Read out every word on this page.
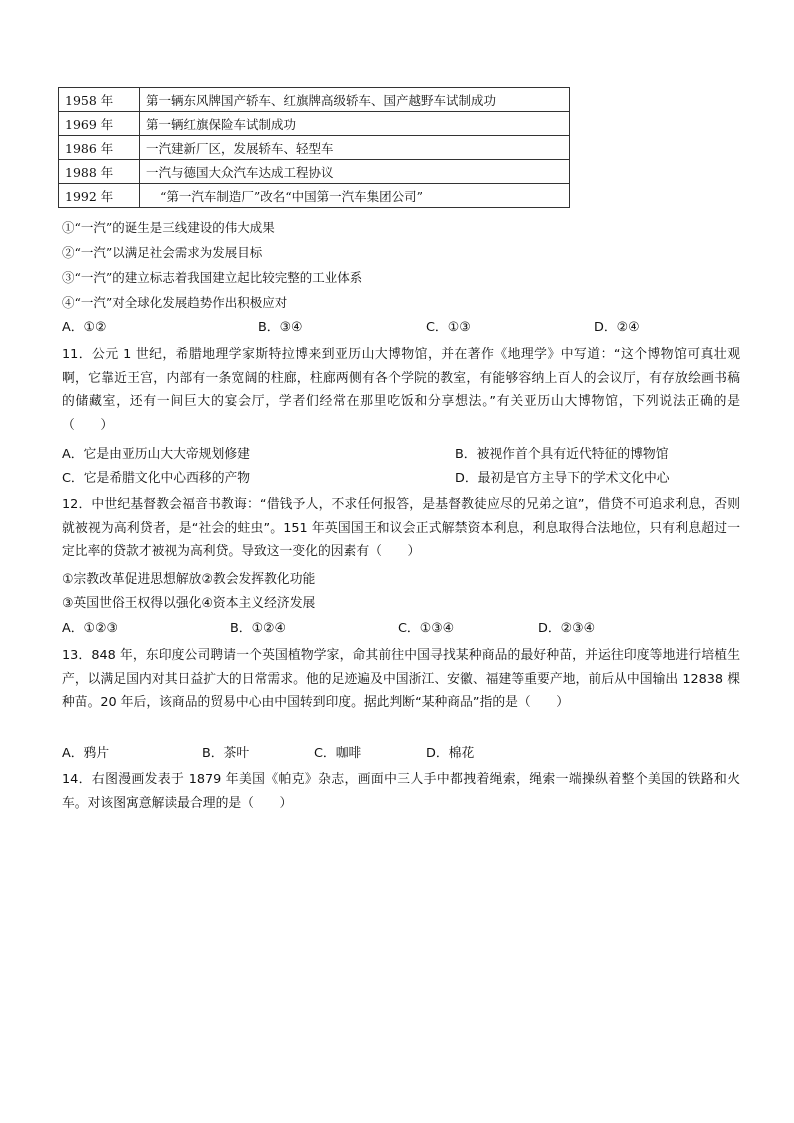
1958 年	第一辆东风牌国产轿车、红旗牌高级轿车、国产越野车试制成功
1969 年	第一辆红旗保险车试制成功
1986 年	一汽建新厂区，发展轿车、轻型车
1988 年	一汽与德国大众汽车达成工程协议
1992 年	“第一汽车制造厂”改名“中国第一汽车集团公司”
①“一汽”的诞生是三线建设的伟大成果
②“一汽”以满足社会需求为发展目标
③“一汽”的建立标志着我国建立起比较完整的工业体系
④“一汽”对全球化发展趋势作出积极应对
A．①②	B．③④	C．①③	D．②④
11．公元 1 世纪，希腊地理学家斯特拉博来到亚历山大博物馆，并在著作《地理学》中写道：“这个博物馆可真壮观啊，它靠近王宫，内部有一条宽阔的柱廊，柱廊两侧有各个学院的教室，有能够容纳上百人的会议厅，有存放绘画书稿的储藏室，还有一间巨大的宴会厅，学者们经常在那里吃饭和分享想法。”有关亚历山大博物馆，下列说法正确的是（　　）
A．它是由亚历山大大帝规划修建	B．被视作首个具有近代特征的博物馆
C．它是希腊文化中心西移的产物	D．最初是官方主导下的学术文化中心
12．中世纪基督教会福音书教诲：“借钱予人，不求任何报答，是基督教徒应尽的兄弟之谊”，借贷不可追求利息，否则就被视为高利贷者，是“社会的蛀虫”。151 年英国国王和议会正式解禁资本利息，利息取得合法地位，只有利息超过一定比率的贷款才被视为高利贷。导致这一变化的因素有（　　）
①宗教改革促进思想解放②教会发挥教化功能
③英国世俗王权得以强化④资本主义经济发展
A．①②③	B．①②④	C．①③④	D．②③④
13．848 年，东印度公司聘请一个英国植物学家，命其前往中国寻找某种商品的最好种苗，并运往印度等地进行培植生产，以满足国内对其日益扩大的日常需求。他的足迹遍及中国浙江、安徽、福建等重要产地，前后从中国输出 12838 棵种苗。20 年后，该商品的贸易中心由中国转到印度。据此判断“某种商品”指的是（　　）
A．鸦片	B．茶叶	C．咖啡	D．棉花
14．右图漫画发表于 1879 年美国《帕克》杂志，画面中三人手中都拽着绳索，绳索一端操纵着整个美国的铁路和火车。对该图寓意解读最合理的是（　　）
